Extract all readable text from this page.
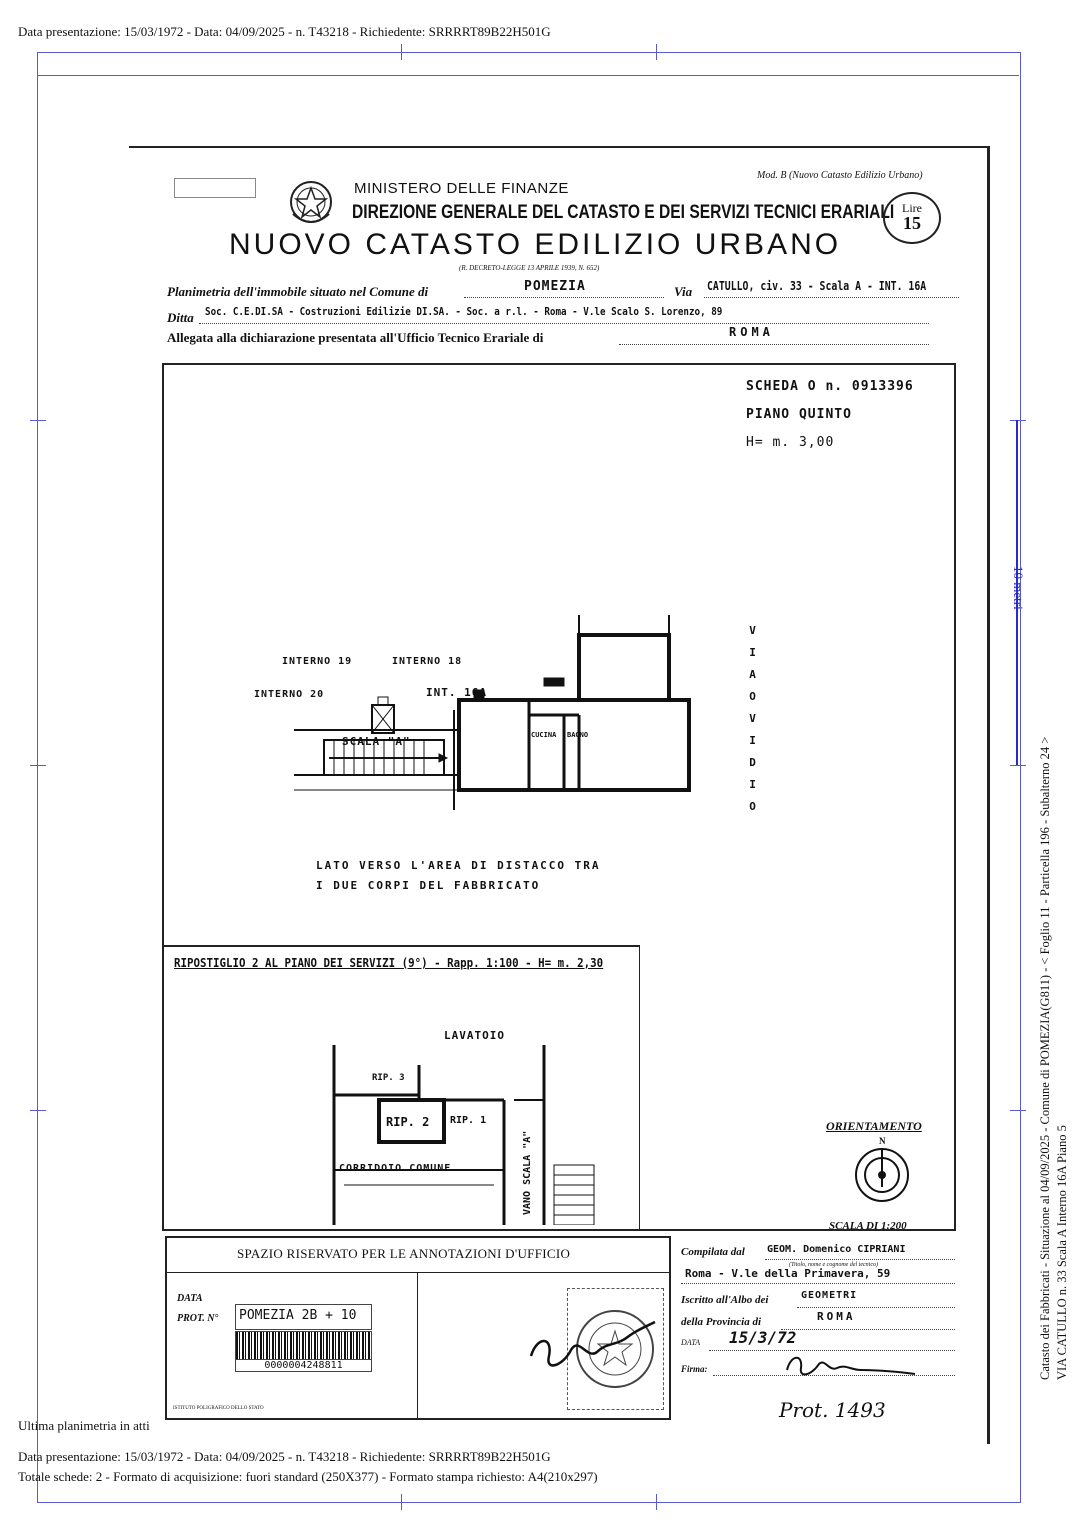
Data presentazione: 15/03/1972 - Data: 04/09/2025 - n. T43218 - Richiedente: SRRRRT89B22H501G
10 metri
Catasto dei Fabbricati - Situazione al 04/09/2025 - Comune di POMEZIA(G811) - < Foglio 11 - Particella 196 - Subalterno 24 > VIA CATULLO n. 33 Scala A Interno 16A Piano 5
Mod. B (Nuovo Catasto Edilizio Urbano)
MINISTERO DELLE FINANZE
DIREZIONE GENERALE DEL CATASTO E DEI SERVIZI TECNICI ERARIALI Lire
15
NUOVO CATASTO EDILIZIO URBANO
(R. DECRETO-LEGGE 13 APRILE 1939, N. 652)
Planimetria dell'immobile situato nel Comune di	POMEZIA	Via CATULLO, civ. 33 - Scala A - INT. 16A
Ditta Soc. C.E.DI.SA - Costruzioni Edilizie DI.SA. - Soc. a r.l. - Roma - V.le Scalo S. Lorenzo, 89
Allegata alla dichiarazione presentata all'Ufficio Tecnico Erariale di	ROMA
SCHEDA O n. 0913396
PIANO QUINTO
H= m. 3,00
INTERNO 19	INTERNO 18
INTERNO 20	INT. 16A
SCALA "A"	CUCINA BAGNO
VIA OVIDIO
LATO VERSO L'AREA DI DISTACCO TRA
I DUE CORPI DEL FABBRICATO
RIPOSTIGLIO 2 AL PIANO DEI SERVIZI (9°) - Rapp. 1:100 - H= m. 2,30
LAVATOIO
RIP. 3
RIP. 2 RIP. 1
CORRIDOIO COMUNE	VANO SCALA "A"
ORIENTAMENTO
N
SCALA DI 1:200
SPAZIO RISERVATO PER LE ANNOTAZIONI D'UFFICIO
DATA
PROT. N° POMEZIA 2B + 10
0000004248811
ISTITUTO POLIGRAFICO DELLO STATO
Compilata dal GEOM. Domenico CIPRIANI
(Titolo, nome e cognome del tecnico)
Roma - V.le della Primavera, 59
Iscritto all'Albo dei	GEOMETRI
della Provincia di	ROMA
DATA 15/3/72
Firma:
Prot. 1493
Ultima planimetria in atti
Data presentazione: 15/03/1972 - Data: 04/09/2025 - n. T43218 - Richiedente: SRRRRT89B22H501G
Totale schede: 2 - Formato di acquisizione: fuori standard (250X377) - Formato stampa richiesto: A4(210x297)
